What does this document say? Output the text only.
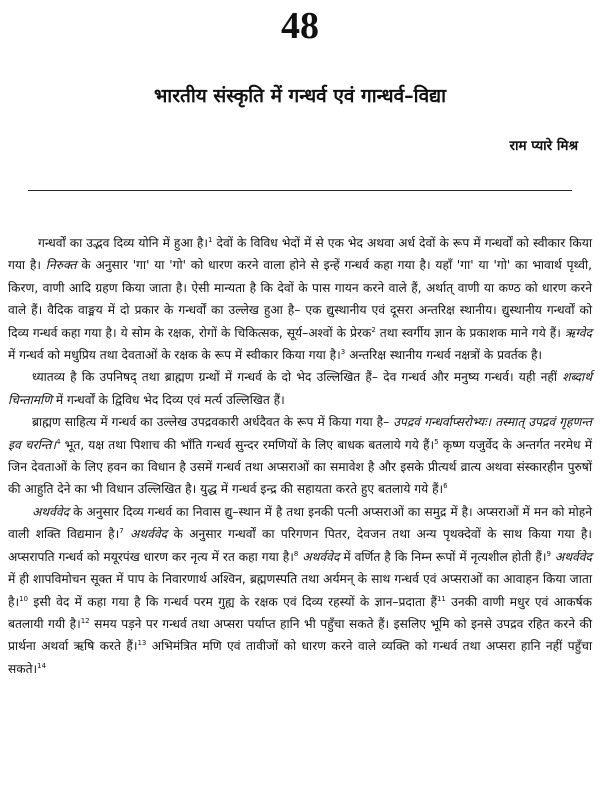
48
भारतीय संस्कृति में गन्धर्व एवं गान्धर्व–विद्या
राम प्यारे मिश्र

गन्धर्वों का उद्भव दिव्य योनि में हुआ है।$^1$ देवों के विविध भेदों में से एक भेद अथवा अर्ध देवों के रूप में गन्धर्वों को स्वीकार किया गया है। निरुक्त के अनुसार 'गा' या 'गो' को धारण करने वाला होने से इन्हें गन्धर्व कहा गया है। यहाँ 'गा' या 'गो' का भावार्थ पृथ्वी, किरण, वाणी आदि ग्रहण किया जाता है। ऐसी मान्यता है कि देवों के पास गायन करने वाले हैं, अर्थात् वाणी या कण्ठ को धारण करने वाले हैं। वैदिक वाङ्मय में दो प्रकार के गन्धर्वों का उल्लेख हुआ है– एक द्युस्थानीय एवं दूसरा अन्तरिक्ष स्थानीय। द्युस्थानीय गन्धर्वों को दिव्य गन्धर्व कहा गया है। ये सोम के रक्षक, रोगों के चिकित्सक, सूर्य–अश्वों के प्रेरक$^2$ तथा स्वर्गीय ज्ञान के प्रकाशक माने गये हैं। ऋग्वेद में गन्धर्व को मधुप्रिय तथा देवताओं के रक्षक के रूप में स्वीकार किया गया है।$^3$ अन्तरिक्ष स्थानीय गन्धर्व नक्षत्रों के प्रवर्तक है।

ध्यातव्य है कि उपनिषद् तथा ब्राह्मण ग्रन्थों में गन्धर्व के दो भेद उल्लिखित हैं– देव गन्धर्व और मनुष्य गन्धर्व। यही नहीं शब्दार्थ चिन्तामणि में गन्धर्वों के द्विविध भेद दिव्य एवं मर्त्य उल्लिखित हैं।

ब्राह्मण साहित्य में गन्धर्व का उल्लेख उपद्रवकारी अर्धदैवत के रूप में किया गया है– उपद्रवं गन्धर्वाप्सरोभ्यः। तस्मात् उपद्रवं गृहणन्त इव चरन्ति।$^4$ भूत, यक्ष तथा पिशाच की भाँति गन्धर्व सुन्दर रमणियों के लिए बाधक बतलाये गये हैं।$^5$ कृष्ण यजुर्वेद के अन्तर्गत नरमेध में जिन देवताओं के लिए हवन का विधान है उसमें गन्धर्व तथा अप्सराओं का समावेश है और इसके प्रीत्यर्थ व्रात्य अथवा संस्कारहीन पुरुषों की आहुति देने का भी विधान उल्लिखित है। युद्ध में गन्धर्व इन्द्र की सहायता करते हुए बतलाये गये हैं।$^6$

अथर्ववेद के अनुसार दिव्य गन्धर्व का निवास द्यु–स्थान में है तथा इनकी पत्नी अप्सराओं का समुद्र में है। अप्सराओं में मन को मोहने वाली शक्ति विद्यमान है।$^7$ अथर्ववेद के अनुसार गन्धर्वों का परिगणन पितर, देवजन तथा अन्य पृथक्देवों के साथ किया गया है। अप्सरापति गन्धर्व को मयूरपंख धारण कर नृत्य में रत कहा गया है।$^8$ अथर्ववेद में वर्णित है कि निम्न रूपों में नृत्यशील होती हैं।$^9$ अथर्ववेद में ही शापविमोचन सूक्त में पाप के निवारणार्थ अश्विन, ब्रह्मणस्पति तथा अर्यमन् के साथ गन्धर्व एवं अप्सराओं का आवाहन किया जाता है।$^{10}$ इसी वेद में कहा गया है कि गन्धर्व परम गुह्य के रक्षक एवं दिव्य रहस्यों के ज्ञान–प्रदाता हैं$^{11}$ उनकी वाणी मधुर एवं आकर्षक बतलायी गयी है।$^{12}$ समय पड़ने पर गन्धर्व तथा अप्सरा पर्याप्त हानि भी पहुँचा सकते हैं। इसलिए भूमि को इनसे उपद्रव रहित करने की प्रार्थना अथर्वा ऋषि करते हैं।$^{13}$ अभिमंत्रित मणि एवं तावीजों को धारण करने वाले व्यक्ति को गन्धर्व तथा अप्सरा हानि नहीं पहुँचा सकते।$^{14}$
